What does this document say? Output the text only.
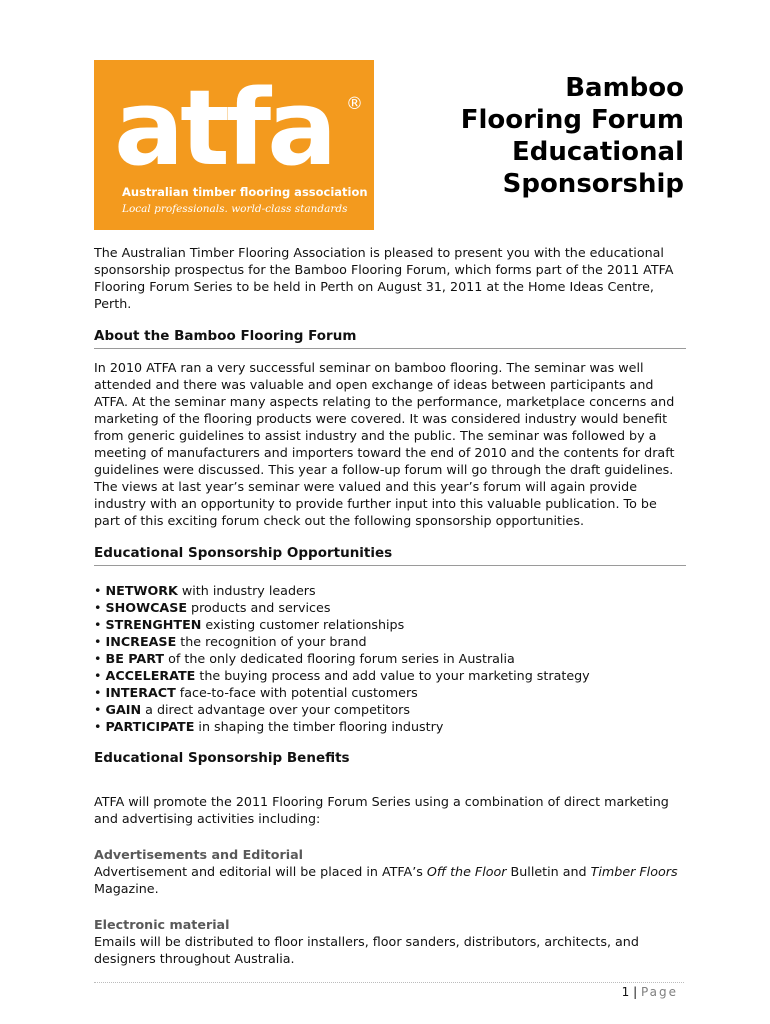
atfa ®
Australian timber flooring association
Local professionals. world-class standards
Bamboo
Flooring Forum
Educational
Sponsorship

The Australian Timber Flooring Association is pleased to present you with the educational sponsorship prospectus for the Bamboo Flooring Forum, which forms part of the 2011 ATFA Flooring Forum Series to be held in Perth on August 31, 2011 at the Home Ideas Centre, Perth.

About the Bamboo Flooring Forum

In 2010 ATFA ran a very successful seminar on bamboo flooring. The seminar was well attended and there was valuable and open exchange of ideas between participants and ATFA. At the seminar many aspects relating to the performance, marketplace concerns and marketing of the flooring products were covered. It was considered industry would benefit from generic guidelines to assist industry and the public. The seminar was followed by a meeting of manufacturers and importers toward the end of 2010 and the contents for draft guidelines were discussed. This year a follow-up forum will go through the draft guidelines. The views at last year’s seminar were valued and this year’s forum will again provide industry with an opportunity to provide further input into this valuable publication. To be part of this exciting forum check out the following sponsorship opportunities.

Educational Sponsorship Opportunities
• NETWORK with industry leaders
• SHOWCASE products and services
• STRENGHTEN existing customer relationships
• INCREASE the recognition of your brand
• BE PART of the only dedicated flooring forum series in Australia
• ACCELERATE the buying process and add value to your marketing strategy
• INTERACT face-to-face with potential customers
• GAIN a direct advantage over your competitors
• PARTICIPATE in shaping the timber flooring industry
Educational Sponsorship Benefits

ATFA will promote the 2011 Flooring Forum Series using a combination of direct marketing and advertising activities including:

Advertisements and Editorial

Advertisement and editorial will be placed in ATFA’s Off the Floor Bulletin and Timber Floors Magazine.

Electronic material

Emails will be distributed to floor installers, floor sanders, distributors, architects, and designers throughout Australia.

1 | Page
